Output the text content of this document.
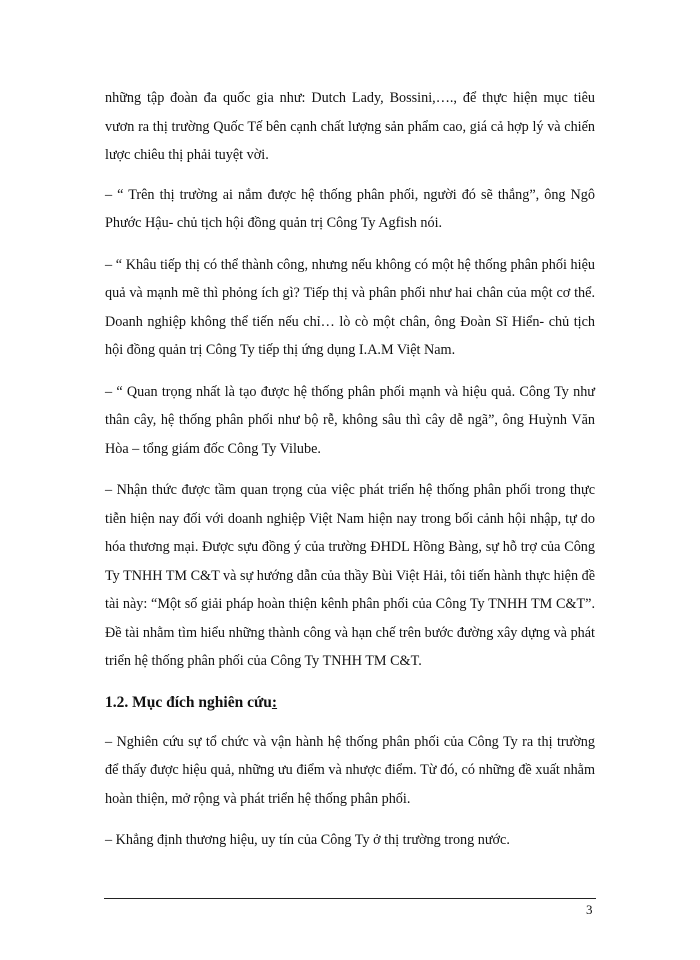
những tập đoàn đa quốc gia như: Dutch Lady, Bossini,…., để thực hiện mục tiêu vươn ra thị trường Quốc Tế bên cạnh chất lượng sản phẩm cao, giá cả hợp lý và chiến lược chiêu thị phải tuyệt vời.

– “ Trên thị trường ai nắm được hệ thống phân phối, người đó sẽ thắng”, ông Ngô Phước Hậu- chủ tịch hội đồng quản trị Công Ty Agfish nói.

– “ Khâu tiếp thị có thể thành công, nhưng nếu không có một hệ thống phân phối hiệu quả và mạnh mẽ thì phỏng ích gì? Tiếp thị và phân phối như hai chân của một cơ thể. Doanh nghiệp không thể tiến nếu chỉ… lò cò một chân, ông Đoàn Sĩ Hiển- chủ tịch hội đồng quản trị Công Ty tiếp thị ứng dụng I.A.M Việt Nam.

– “ Quan trọng nhất là tạo được hệ thống phân phối mạnh và hiệu quả. Công Ty như thân cây, hệ thống phân phối như bộ rễ, không sâu thì cây dễ ngã”, ông Huỳnh Văn Hòa – tổng giám đốc Công Ty Vilube.

– Nhận thức được tầm quan trọng của việc phát triển hệ thống phân phối trong thực tiễn hiện nay đối với doanh nghiệp Việt Nam hiện nay trong bối cảnh hội nhập, tự do hóa thương mại. Được sựu đồng ý của trường ĐHDL Hồng Bàng, sự hỗ trợ của Công Ty TNHH TM C&T và sự hướng dẫn của thầy Bùi Việt Hải, tôi tiến hành thực hiện đề tài này: “Một số giải pháp hoàn thiện kênh phân phối của Công Ty TNHH TM C&T”. Đề tài nhằm tìm hiểu những thành công và hạn chế trên bước đường xây dựng và phát triển hệ thống phân phối của Công Ty TNHH TM C&T.

1.2. Mục đích nghiên cứu:

– Nghiên cứu sự tổ chức và vận hành hệ thống phân phối của Công Ty ra thị trường để thấy được hiệu quả, những ưu điểm và nhược điểm. Từ đó, có những đề xuất nhằm hoàn thiện, mở rộng và phát triển hệ thống phân phối.

– Khẳng định thương hiệu, uy tín của Công Ty ở thị trường trong nước.

3
